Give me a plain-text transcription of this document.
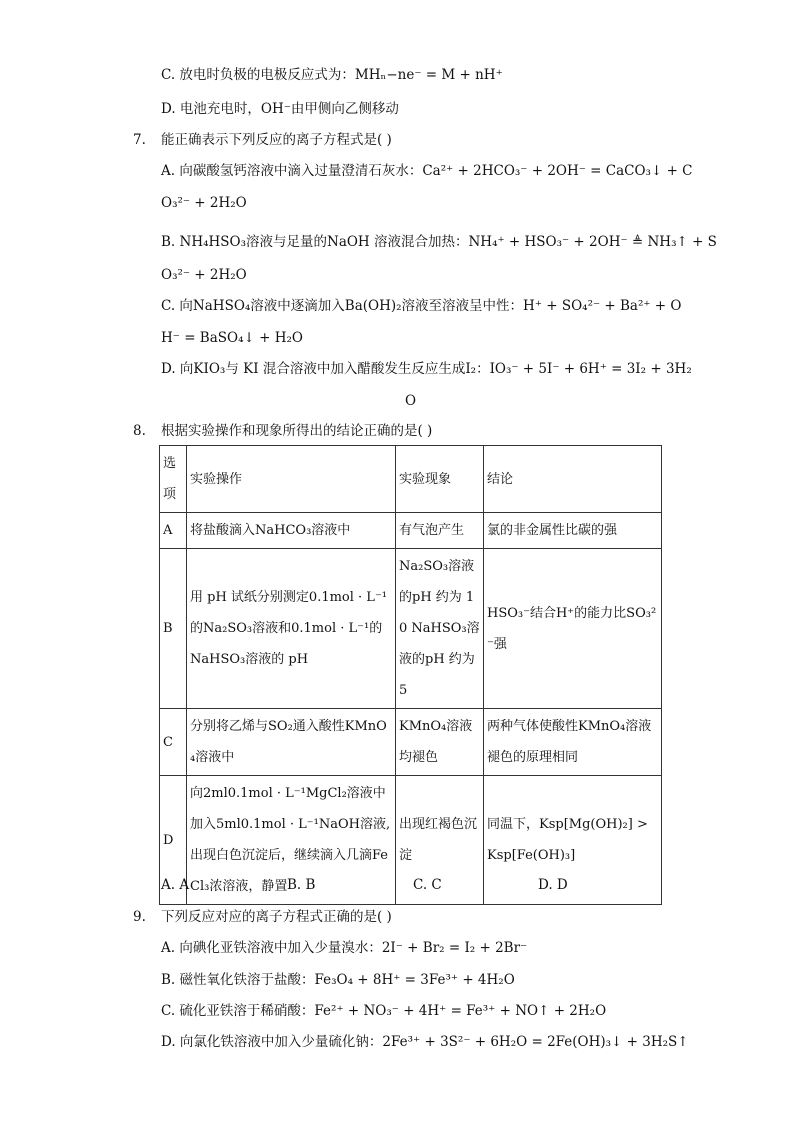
C. 放电时负极的电极反应式为：MHₙ−ne⁻ = M + nH⁺
D. 电池充电时，OH⁻由甲侧向乙侧移动
7. 能正确表示下列反应的离子方程式是( )
A. 向碳酸氢钙溶液中滴入过量澄清石灰水：Ca²⁺ + 2HCO₃⁻ + 2OH⁻ = CaCO₃↓ + C
O₃²⁻ + 2H₂O
B. NH₄HSO₃溶液与足量的NaOH 溶液混合加热：NH₄⁺ + HSO₃⁻ + 2OH⁻ ≜ NH₃↑ + S
O₃²⁻ + 2H₂O
C. 向NaHSO₄溶液中逐滴加入Ba(OH)₂溶液至溶液呈中性：H⁺ + SO₄²⁻ + Ba²⁺ + O
H⁻ = BaSO₄↓ + H₂O
D. 向KIO₃与 KI 混合溶液中加入醋酸发生反应生成I₂：IO₃⁻ + 5I⁻ + 6H⁺ = 3I₂ + 3H₂
O
8. 根据实验操作和现象所得出的结论正确的是( )
选项	实验操作	实验现象	结论
A	将盐酸滴入NaHCO₃溶液中	有气泡产生	氯的非金属性比碳的强
B	用 pH 试纸分别测定0.1mol · L⁻¹的Na₂SO₃溶液和0.1mol · L⁻¹的NaHSO₃溶液的 pH	Na₂SO₃溶液的pH 约为 10 NaHSO₃溶液的pH 约为 5	HSO₃⁻结合H⁺的能力比SO₃²⁻强
C	分别将乙烯与SO₂通入酸性KMnO₄溶液中	KMnO₄溶液均褪色	两种气体使酸性KMnO₄溶液褪色的原理相同
D	向2ml0.1mol · L⁻¹MgCl₂溶液中加入5ml0.1mol · L⁻¹NaOH溶液,出现白色沉淀后，继续滴入几滴FeCl₃浓溶液，静置	出现红褐色沉淀	同温下，Ksp[Mg(OH)₂] > Ksp[Fe(OH)₃]
A. A	B. B	C. C	D. D
9. 下列反应对应的离子方程式正确的是( )
A. 向碘化亚铁溶液中加入少量溴水：2I⁻ + Br₂ = I₂ + 2Br⁻
B. 磁性氧化铁溶于盐酸：Fe₃O₄ + 8H⁺ = 3Fe³⁺ + 4H₂O
C. 硫化亚铁溶于稀硝酸：Fe²⁺ + NO₃⁻ + 4H⁺ = Fe³⁺ + NO↑ + 2H₂O
D. 向氯化铁溶液中加入少量硫化钠：2Fe³⁺ + 3S²⁻ + 6H₂O = 2Fe(OH)₃↓ + 3H₂S↑
